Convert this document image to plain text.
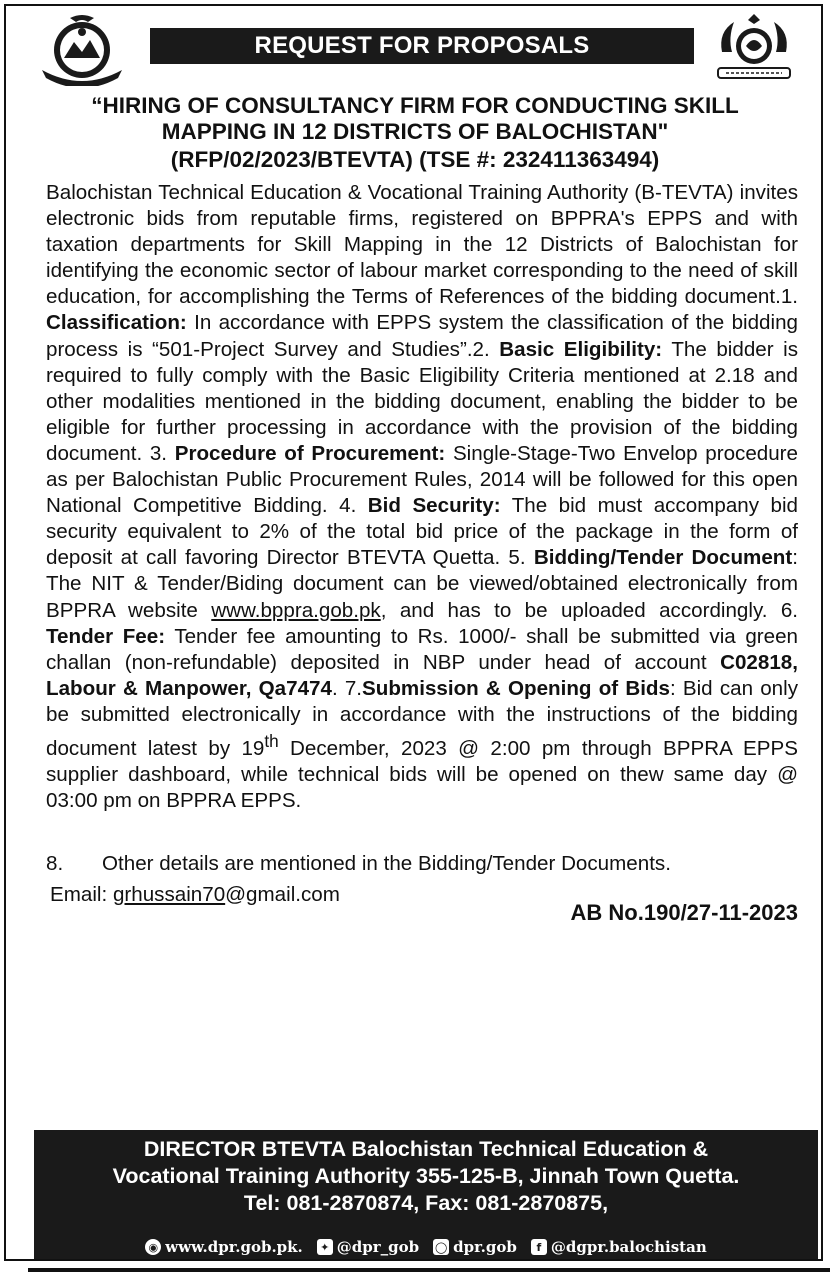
REQUEST FOR PROPOSALS
“HIRING OF CONSULTANCY FIRM FOR CONDUCTING SKILL
MAPPING IN 12 DISTRICTS OF BALOCHISTAN"
(RFP/02/2023/BTEVTA) (TSE #: 232411363494)
Balochistan Technical Education & Vocational Training Authority (B-TEVTA) invites electronic bids from reputable firms, registered on BPPRA's EPPS and with taxation departments for Skill Mapping in the 12 Districts of Balochistan for identifying the economic sector of labour market corresponding to the need of skill education, for accomplishing the Terms of References of the bidding document.1. Classification: In accordance with EPPS system the classification of the bidding process is “501-Project Survey and Studies”.2. Basic Eligibility: The bidder is required to fully comply with the Basic Eligibility Criteria mentioned at 2.18 and other modalities mentioned in the bidding document, enabling the bidder to be eligible for further processing in accordance with the provision of the bidding document. 3. Procedure of Procurement: Single-Stage-Two Envelop procedure as per Balochistan Public Procurement Rules, 2014 will be followed for this open National Competitive Bidding. 4. Bid Security: The bid must accompany bid security equivalent to 2% of the total bid price of the package in the form of deposit at call favoring Director BTEVTA Quetta. 5. Bidding/Tender Document: The NIT & Tender/Biding document can be viewed/obtained electronically from BPPRA website www.bppra.gob.pk, and has to be uploaded accordingly. 6. Tender Fee: Tender fee amounting to Rs. 1000/- shall be submitted via green challan (non-refundable) deposited in NBP under head of account C02818, Labour & Manpower, Qa7474. 7.Submission & Opening of Bids: Bid can only be submitted electronically in accordance with the instructions of the bidding document latest by 19th December, 2023 @ 2:00 pm through BPPRA EPPS supplier dashboard, while technical bids will be opened on thew same day @ 03:00 pm on BPPRA EPPS.
8. Other details are mentioned in the Bidding/Tender Documents.
Email: grhussain70@gmail.com
AB No.190/27-11-2023
DIRECTOR BTEVTA Balochistan Technical Education &
Vocational Training Authority 355-125-B, Jinnah Town Quetta.
Tel: 081-2870874, Fax: 081-2870875,
◉ www.dpr.gob.pk.	✦ @dpr_gob ◯ dpr.gob	f @dgpr.balochistan
